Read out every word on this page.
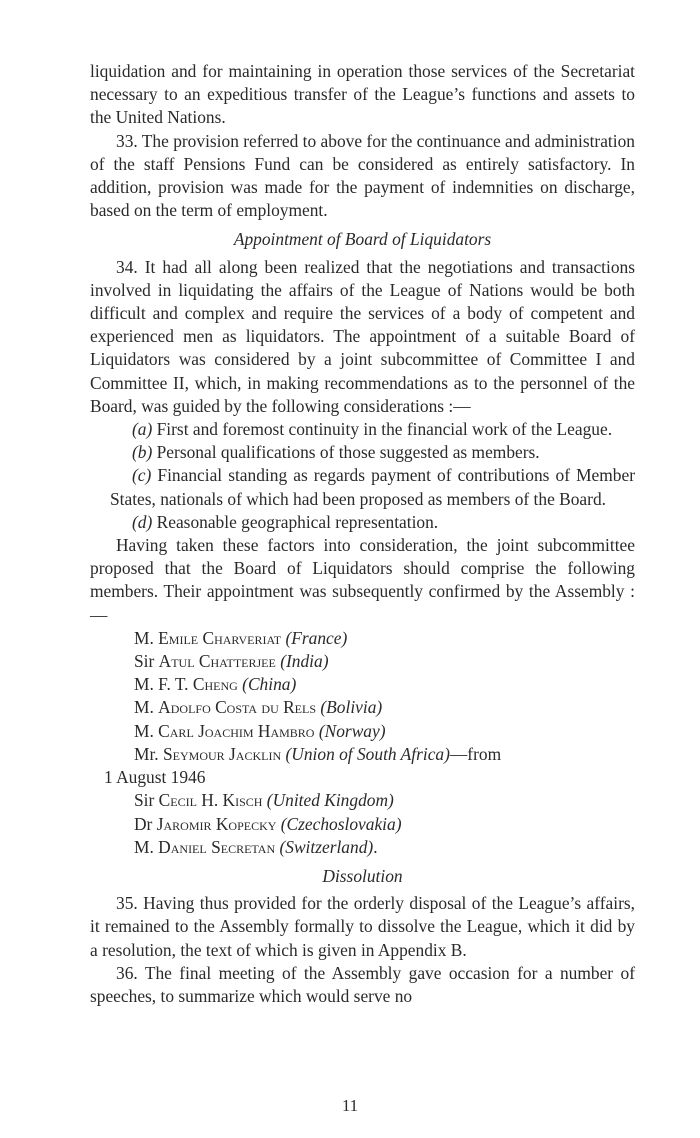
liquidation and for maintaining in operation those services of the Secretariat necessary to an expeditious transfer of the League’s functions and assets to the United Nations.

33. The provision referred to above for the continuance and administration of the staff Pensions Fund can be considered as entirely satisfactory. In addition, provision was made for the payment of indemnities on discharge, based on the term of employment.

Appointment of Board of Liquidators

34. It had all along been realized that the negotiations and transactions involved in liquidating the affairs of the League of Nations would be both difficult and complex and require the services of a body of competent and experienced men as liquidators. The appointment of a suitable Board of Liquidators was considered by a joint subcommittee of Committee I and Committee II, which, in making recommendations as to the personnel of the Board, was guided by the following considerations :—

(a) First and foremost continuity in the financial work of the League.

(b) Personal qualifications of those suggested as members.

(c) Financial standing as regards payment of contributions of Member States, nationals of which had been proposed as members of the Board.

(d) Reasonable geographical representation.

Having taken these factors into consideration, the joint subcommittee proposed that the Board of Liquidators should comprise the following members. Their appointment was subsequently confirmed by the Assembly :—

M. Emile Charveriat (France)
Sir Atul Chatterjee (India)
M. F. T. Cheng (China)
M. Adolfo Costa du Rels (Bolivia)
M. Carl Joachim Hambro (Norway)
Mr. Seymour Jacklin (Union of South Africa)—from
1 August 1946
Sir Cecil H. Kisch (United Kingdom)
Dr Jaromir Kopecky (Czechoslovakia)
M. Daniel Secretan (Switzerland).
Dissolution

35. Having thus provided for the orderly disposal of the League’s affairs, it remained to the Assembly formally to dissolve the League, which it did by a resolution, the text of which is given in Appendix B.

36. The final meeting of the Assembly gave occasion for a number of speeches, to summarize which would serve no

11
